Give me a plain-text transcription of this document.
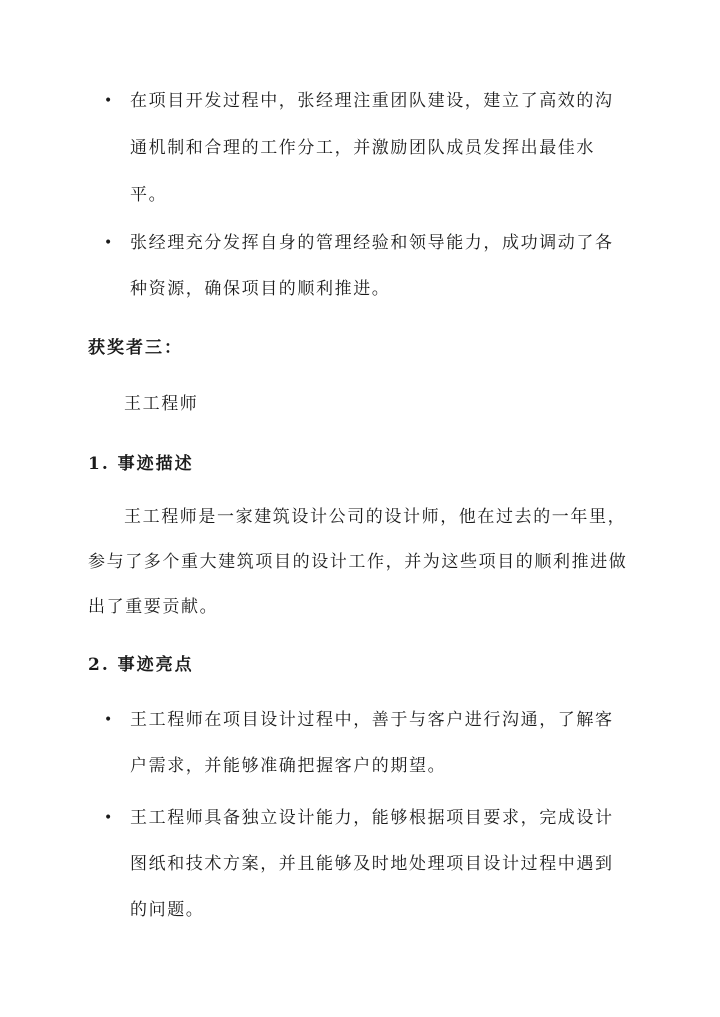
• 在项目开发过程中，张经理注重团队建设，建立了高效的沟通机制和合理的工作分工，并激励团队成员发挥出最佳水平。
• 张经理充分发挥自身的管理经验和领导能力，成功调动了各种资源，确保项目的顺利推进。
获奖者三：
王工程师
1. 事迹描述
王工程师是一家建筑设计公司的设计师，他在过去的一年里，参与了多个重大建筑项目的设计工作，并为这些项目的顺利推进做出了重要贡献。
2. 事迹亮点
• 王工程师在项目设计过程中，善于与客户进行沟通，了解客户需求，并能够准确把握客户的期望。
• 王工程师具备独立设计能力，能够根据项目要求，完成设计图纸和技术方案，并且能够及时地处理项目设计过程中遇到的问题。
